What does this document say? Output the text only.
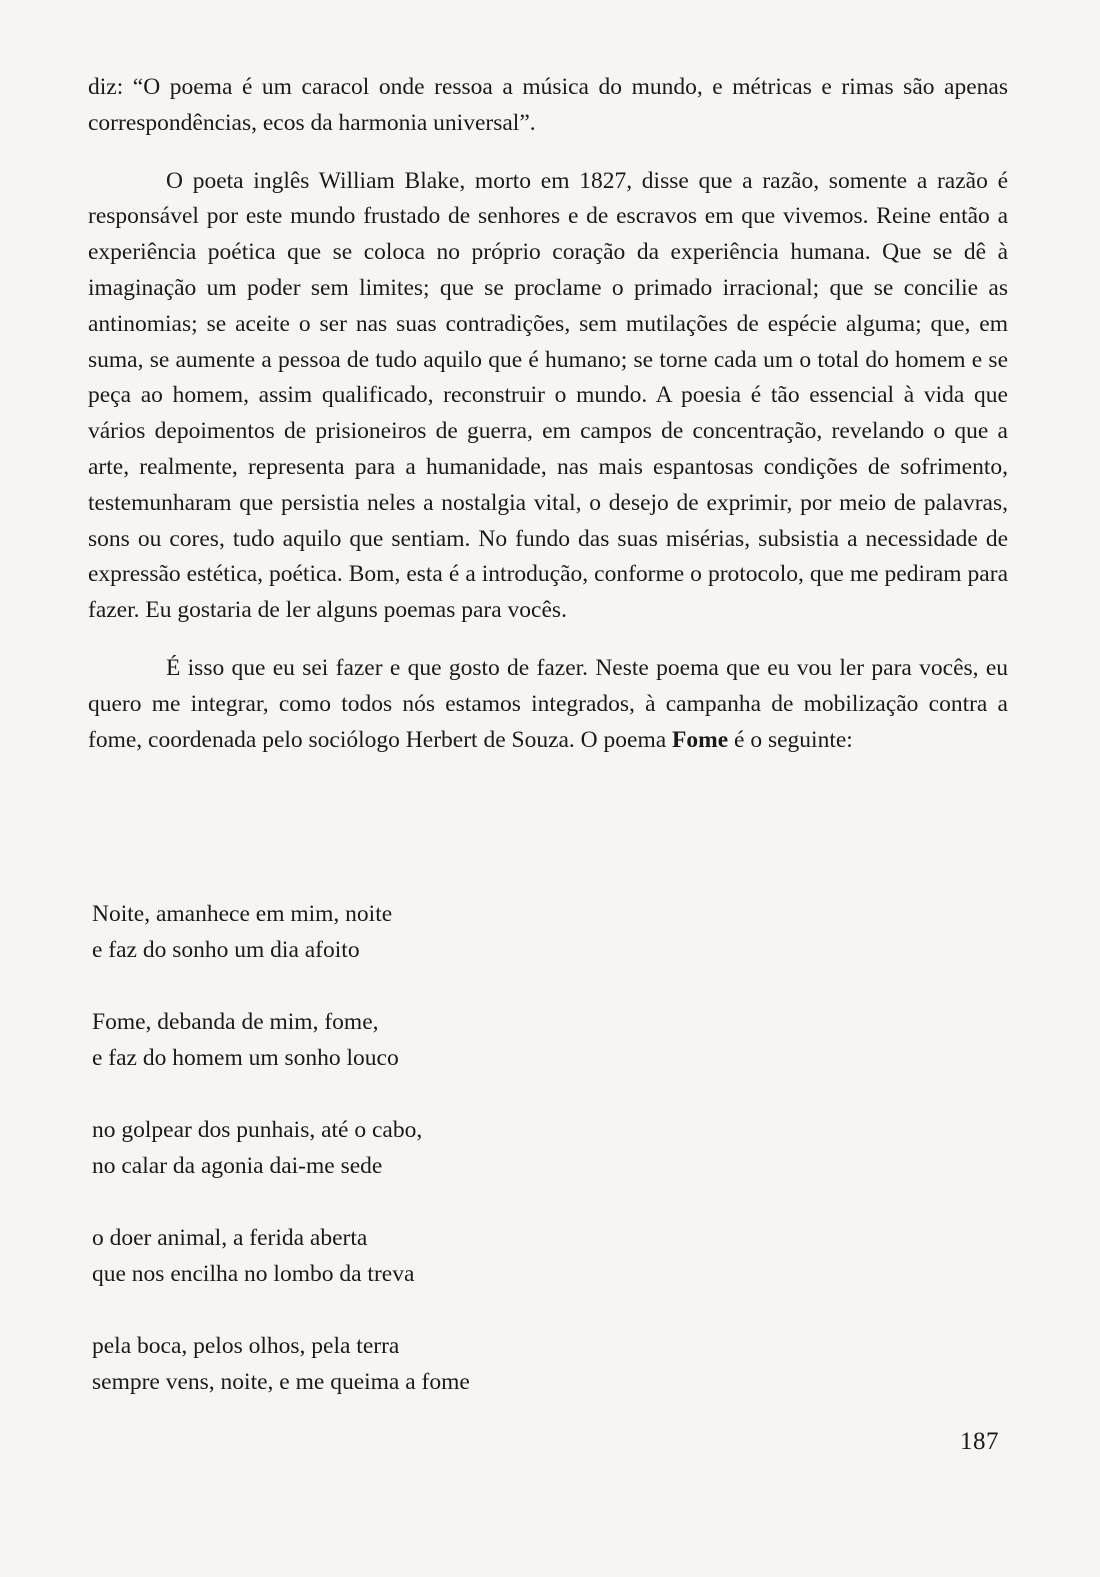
diz: “O poema é um caracol onde ressoa a música do mundo, e métricas e rimas são apenas correspondências, ecos da harmonia universal”.

O poeta inglês William Blake, morto em 1827, disse que a razão, somente a razão é responsável por este mundo frustado de senhores e de escravos em que vivemos. Reine então a experiência poética que se coloca no próprio coração da experiência humana. Que se dê à imaginação um poder sem limites; que se proclame o primado irracional; que se concilie as antinomias; se aceite o ser nas suas contradições, sem mutilações de espécie alguma; que, em suma, se aumente a pessoa de tudo aquilo que é humano; se torne cada um o total do homem e se peça ao homem, assim qualificado, reconstruir o mundo. A poesia é tão essencial à vida que vários depoimentos de prisioneiros de guerra, em campos de concentração, revelando o que a arte, realmente, representa para a humanidade, nas mais espantosas condições de sofrimento, testemunharam que persistia neles a nostalgia vital, o desejo de exprimir, por meio de palavras, sons ou cores, tudo aquilo que sentiam. No fundo das suas misérias, subsistia a necessidade de expressão estética, poética. Bom, esta é a introdução, conforme o protocolo, que me pediram para fazer. Eu gostaria de ler alguns poemas para vocês.

É isso que eu sei fazer e que gosto de fazer. Neste poema que eu vou ler para vocês, eu quero me integrar, como todos nós estamos integrados, à campanha de mobilização contra a fome, coordenada pelo sociólogo Herbert de Souza. O poema Fome é o seguinte:

Noite, amanhece em mim, noite
e faz do sonho um dia afoito
Fome, debanda de mim, fome,
e faz do homem um sonho louco
no golpear dos punhais, até o cabo,
no calar da agonia dai-me sede
o doer animal, a ferida aberta
que nos encilha no lombo da treva
pela boca, pelos olhos, pela terra
sempre vens, noite, e me queima a fome
187
